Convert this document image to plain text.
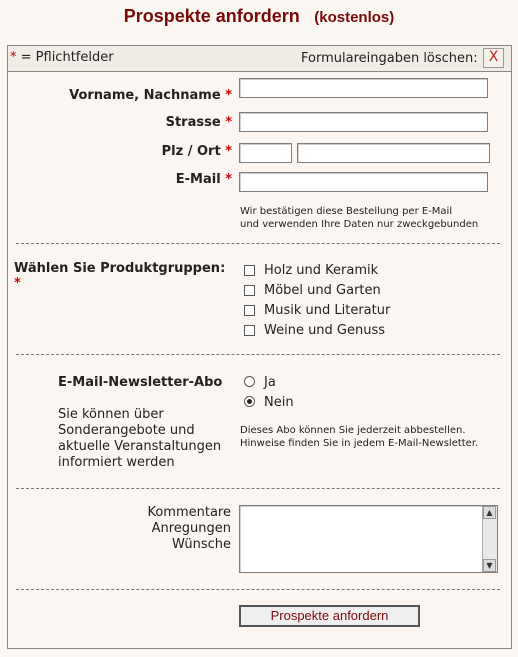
Prospekte anfordern (kostenlos)
* = Pflichtfelder	Formulareingaben löschen: X
Vorname, Nachname *
Strasse *
Plz / Ort *
E-Mail *
Wir bestätigen diese Bestellung per E-Mail
und verwenden Ihre Daten nur zweckgebunden
Wählen Sie Produktgruppen: *
Holz und Keramik
Möbel und Garten
Musik und Literatur
Weine und Genuss
E-Mail-Newsletter-Abo
Sie können über
Sonderangebote und
aktuelle Veranstaltungen
informiert werden
Ja
Nein
Dieses Abo können Sie jederzeit abbestellen.
Hinweise finden Sie in jedem E-Mail-Newsletter.
Kommentare
Anregungen
Wünsche
▲
▼
Prospekte anfordern
